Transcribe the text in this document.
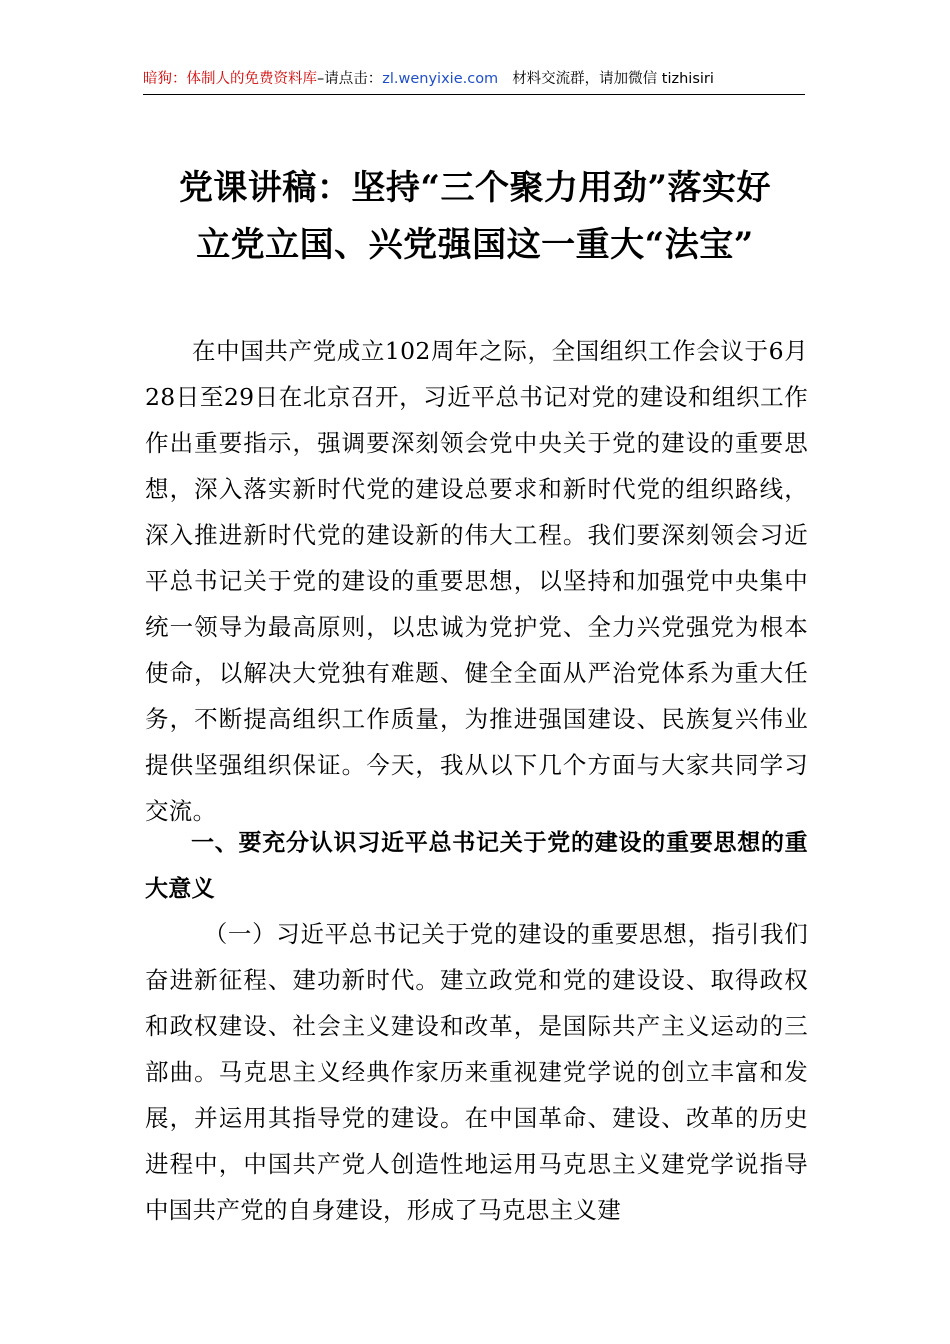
暗狗：体制人的免费资料库–请点击：zl.wenyixie.com 材料交流群，请加微信 tizhisiri
党课讲稿：坚持“三个聚力用劲”落实好
立党立国、兴党强国这一重大“法宝”
在中国共产党成立102周年之际，全国组织工作会议于6月28日至29日在北京召开，习近平总书记对党的建设和组织工作作出重要指示，强调要深刻领会党中央关于党的建设的重要思想，深入落实新时代党的建设总要求和新时代党的组织路线，深入推进新时代党的建设新的伟大工程。我们要深刻领会习近平总书记关于党的建设的重要思想，以坚持和加强党中央集中统一领导为最高原则，以忠诚为党护党、全力兴党强党为根本使命，以解决大党独有难题、健全全面从严治党体系为重大任务，不断提高组织工作质量，为推进强国建设、民族复兴伟业提供坚强组织保证。今天，我从以下几个方面与大家共同学习交流。
一、要充分认识习近平总书记关于党的建设的重要思想的重大意义
（一）习近平总书记关于党的建设的重要思想，指引我们奋进新征程、建功新时代。建立政党和党的建设设、取得政权和政权建设、社会主义建设和改革，是国际共产主义运动的三部曲。马克思主义经典作家历来重视建党学说的创立丰富和发展，并运用其指导党的建设。在中国革命、建设、改革的历史进程中，中国共产党人创造性地运用马克思主义建党学说指导中国共产党的自身建设，形成了马克思主义建
